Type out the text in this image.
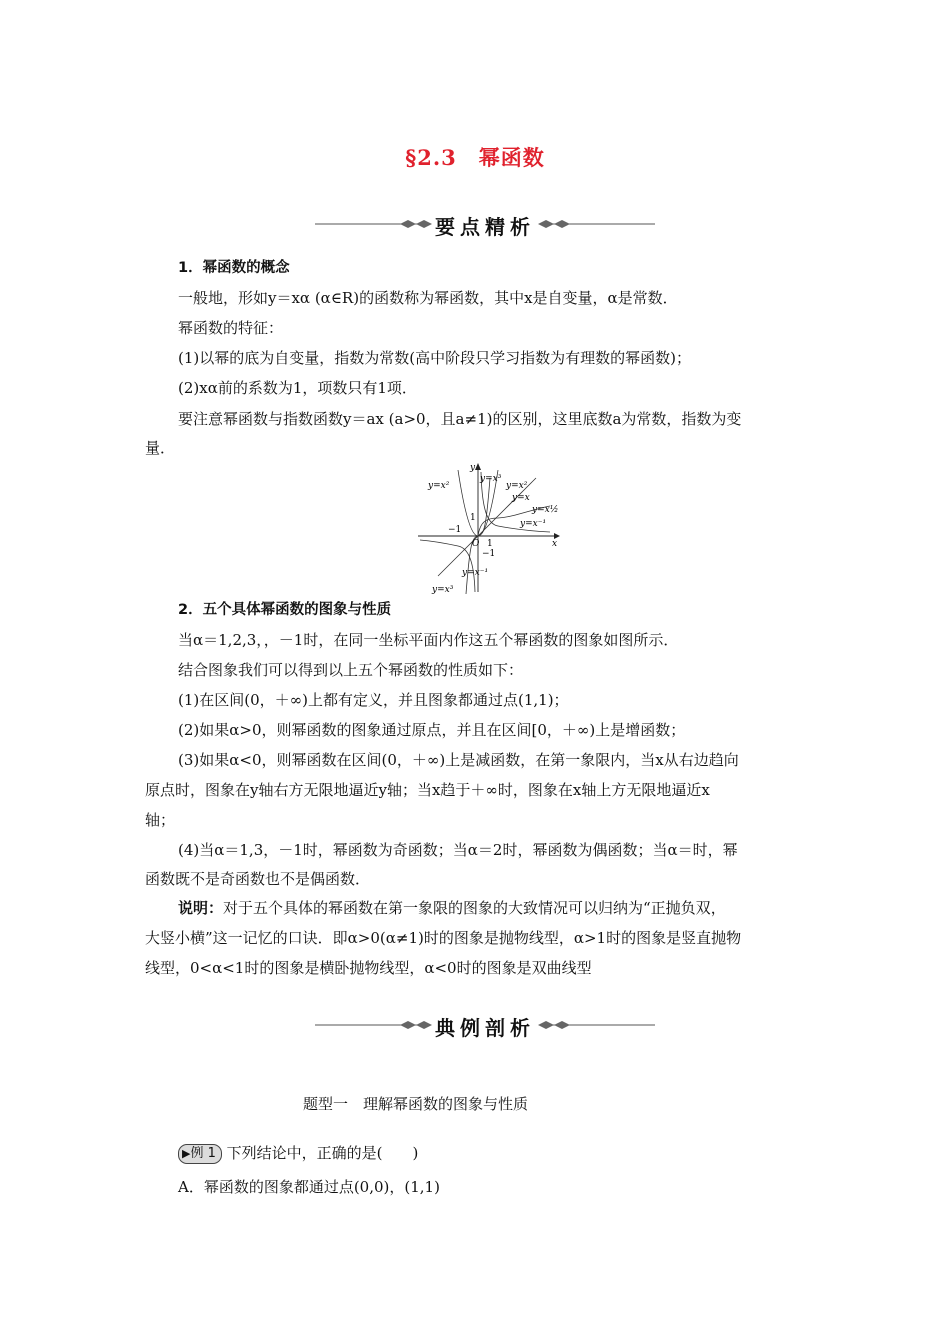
§2.3　幂函数
要点精析
1．幂函数的概念
一般地，形如y＝xα (α∈R)的函数称为幂函数，其中x是自变量，α是常数．
幂函数的特征：
(1)以幂的底为自变量，指数为常数(高中阶段只学习指数为有理数的幂函数)；
(2)xα前的系数为1，项数只有1项．
要注意幂函数与指数函数y＝ax (a>0，且a≠1)的区别，这里底数a为常数，指数为变
量．
y=x²
y=x³
y=x²
y=x
y=x½
y=x⁻¹
y
x
O 1
−1
1
−1
y=x⁻¹
y=x³
2．五个具体幂函数的图象与性质
当α＝1,2,3，，－1时，在同一坐标平面内作这五个幂函数的图象如图所示．
结合图象我们可以得到以上五个幂函数的性质如下：
(1)在区间(0，＋∞)上都有定义，并且图象都通过点(1,1)；
(2)如果α>0，则幂函数的图象通过原点，并且在区间[0，＋∞)上是增函数；
(3)如果α<0，则幂函数在区间(0，＋∞)上是减函数，在第一象限内，当x从右边趋向
原点时，图象在y轴右方无限地逼近y轴；当x趋于＋∞时，图象在x轴上方无限地逼近x
轴；
(4)当α＝1,3，－1时，幂函数为奇函数；当α＝2时，幂函数为偶函数；当α＝时，幂
函数既不是奇函数也不是偶函数．
说明：对于五个具体的幂函数在第一象限的图象的大致情况可以归纳为“正抛负双，
大竖小横”这一记忆的口诀．即α>0(α≠1)时的图象是抛物线型，α>1时的图象是竖直抛物
线型，0<α<1时的图象是横卧抛物线型，α<0时的图象是双曲线型
典例剖析
题型一　理解幂函数的图象与性质
▶例 1 下列结论中，正确的是(　　)
A．幂函数的图象都通过点(0,0)，(1,1)
